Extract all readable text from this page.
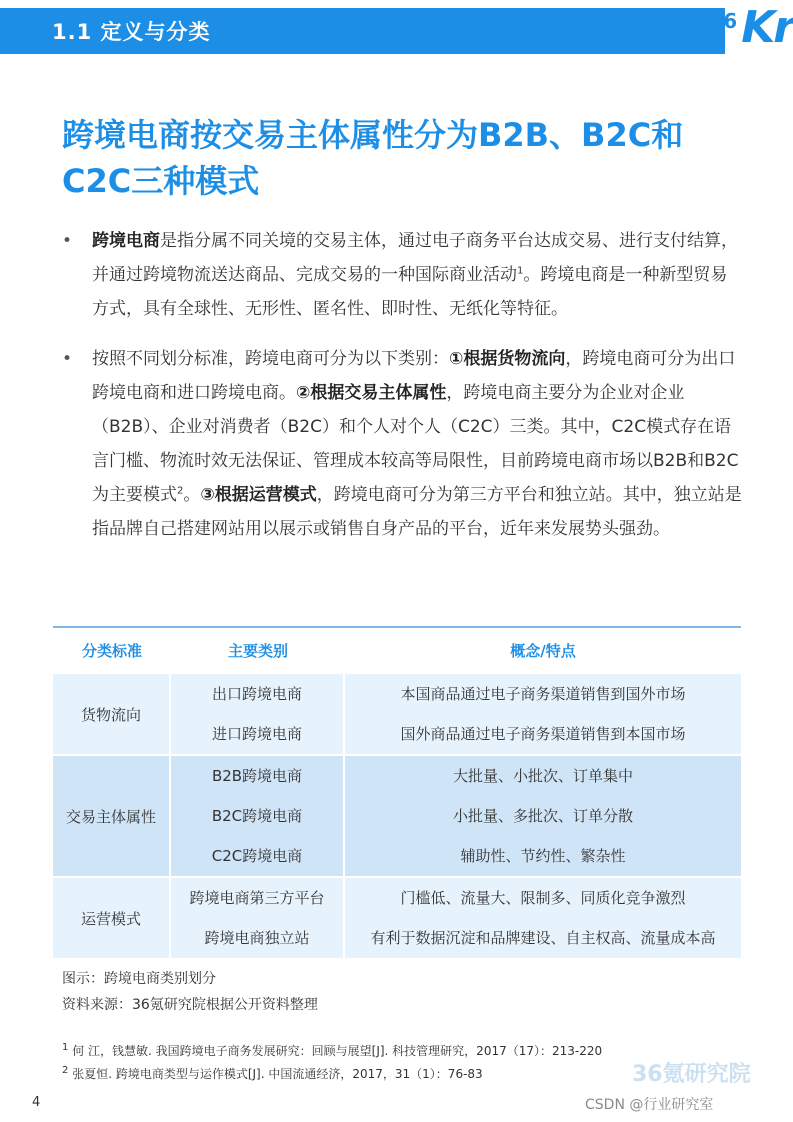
1.1 定义与分类	36 Kr
跨境电商按交易主体属性分为B2B、B2C和C2C三种模式
•	跨境电商是指分属不同关境的交易主体，通过电子商务平台达成交易、进行支付结算，并通过跨境物流送达商品、完成交易的一种国际商业活动$^1$。跨境电商是一种新型贸易方式，具有全球性、无形性、匿名性、即时性、无纸化等特征。
•	按照不同划分标准，跨境电商可分为以下类别：①根据货物流向，跨境电商可分为出口跨境电商和进口跨境电商。②根据交易主体属性，跨境电商主要分为企业对企业（B2B）、企业对消费者（B2C）和个人对个人（C2C）三类。其中，C2C模式存在语言门槛、物流时效无法保证、管理成本较高等局限性，目前跨境电商市场以B2B和B2C为主要模式$^2$。③根据运营模式，跨境电商可分为第三方平台和独立站。其中，独立站是指品牌自己搭建网站用以展示或销售自身产品的平台，近年来发展势头强劲。
分类标准	主要类别	概念/特点
货物流向
出口跨境电商	本国商品通过电子商务渠道销售到国外市场
进口跨境电商	国外商品通过电子商务渠道销售到本国市场
交易主体属性
B2B跨境电商	大批量、小批次、订单集中
B2C跨境电商	小批量、多批次、订单分散
C2C跨境电商	辅助性、节约性、繁杂性
运营模式
跨境电商第三方平台	门槛低、流量大、限制多、同质化竞争激烈
跨境电商独立站	有利于数据沉淀和品牌建设、自主权高、流量成本高
图示：跨境电商类别划分
资料来源：36氪研究院根据公开资料整理
$^1$ 何 江，钱慧敏. 我国跨境电子商务发展研究：回顾与展望[J]. 科技管理研究，2017（17）：213-220
$^2$ 张夏恒. 跨境电商类型与运作模式[J]. 中国流通经济，2017，31（1）：76-83
4
36氪研究院
CSDN @行业研究室
